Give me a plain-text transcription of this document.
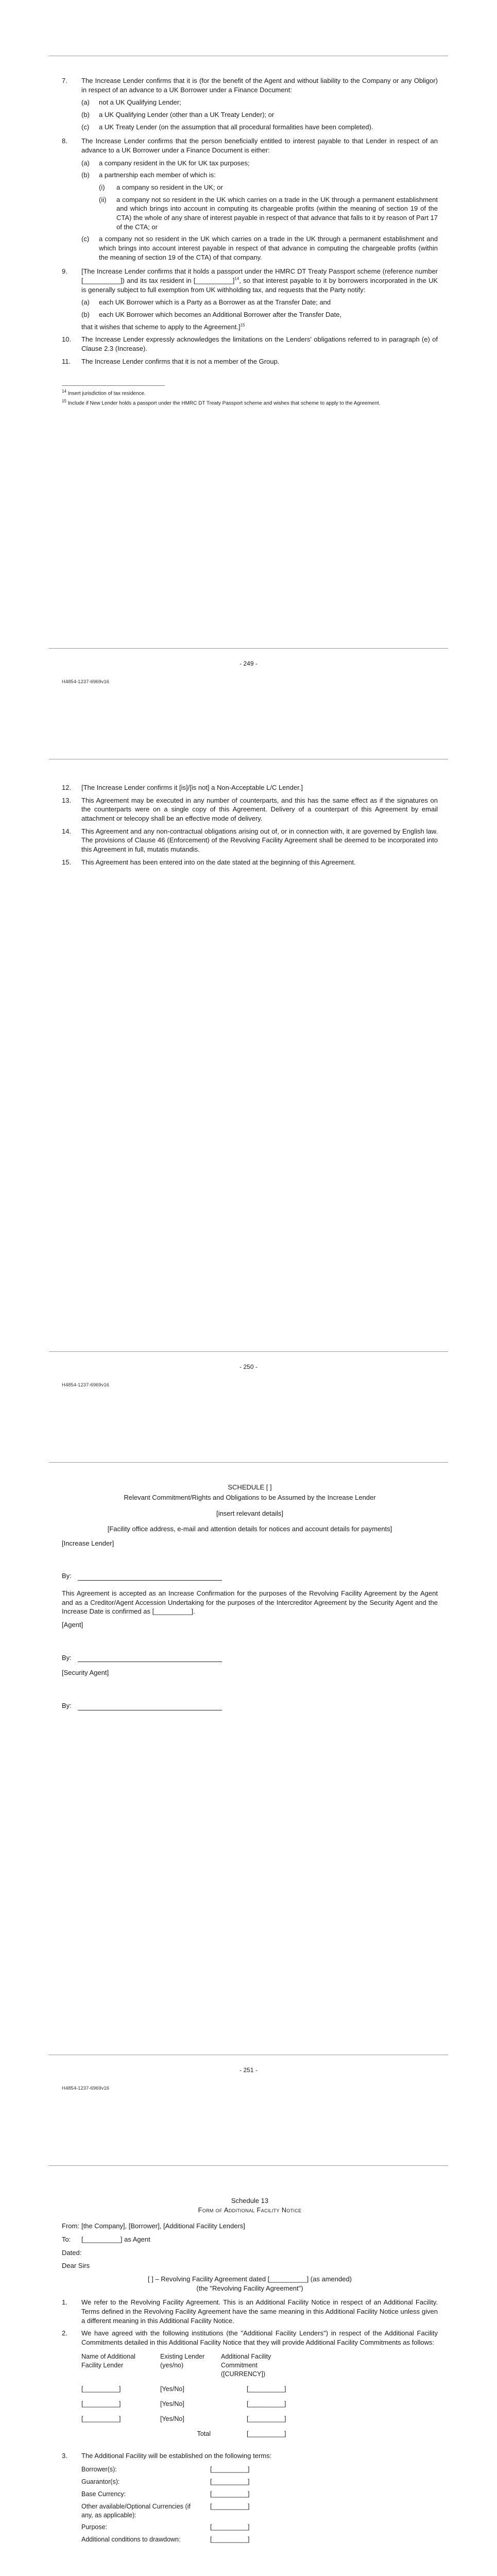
7. The Increase Lender confirms that it is (for the benefit of the Agent and without liability to the Company or any Obligor) in respect of an advance to a UK Borrower under a Finance Document:
(a) not a UK Qualifying Lender;
(b) a UK Qualifying Lender (other than a UK Treaty Lender); or
(c) a UK Treaty Lender (on the assumption that all procedural formalities have been completed).
8. The Increase Lender confirms that the person beneficially entitled to interest payable to that Lender in respect of an advance to a UK Borrower under a Finance Document is either:
(a) a company resident in the UK for UK tax purposes;
(b) a partnership each member of which is:
(i) a company so resident in the UK; or
(ii) a company not so resident in the UK which carries on a trade in the UK through a permanent establishment and which brings into account in computing its chargeable profits (within the meaning of section 19 of the CTA) the whole of any share of interest payable in respect of that advance that falls to it by reason of Part 17 of the CTA; or
(c) a company not so resident in the UK which carries on a trade in the UK through a permanent establishment and which brings into account interest payable in respect of that advance in computing the chargeable profits (within the meaning of section 19 of the CTA) of that company.
9. [The Increase Lender confirms that it holds a passport under the HMRC DT Treaty Passport scheme (reference number [__________]) and its tax resident in [__________]$^{14}$, so that interest payable to it by borrowers incorporated in the UK is generally subject to full exemption from UK withholding tax, and requests that the Party notify:
(a) each UK Borrower which is a Party as a Borrower as at the Transfer Date; and
(b) each UK Borrower which becomes an Additional Borrower after the Transfer Date,
that it wishes that scheme to apply to the Agreement.]$^{15}$
10. The Increase Lender expressly acknowledges the limitations on the Lenders' obligations referred to in paragraph (e) of Clause 2.3 (Increase).
11. The Increase Lender confirms that it is not a member of the Group.
$^{14}$ Insert jurisdiction of tax residence.
$^{15}$ Include if New Lender holds a passport under the HMRC DT Treaty Passport scheme and wishes that scheme to apply to the Agreement.
- 249 -
H4854-1237-6969v16
12. [The Increase Lender confirms it [is]/[is not] a Non-Acceptable L/C Lender.]
13. This Agreement may be executed in any number of counterparts, and this has the same effect as if the signatures on the counterparts were on a single copy of this Agreement. Delivery of a counterpart of this Agreement by email attachment or telecopy shall be an effective mode of delivery.
14. This Agreement and any non-contractual obligations arising out of, or in connection with, it are governed by English law. The provisions of Clause 46 (Enforcement) of the Revolving Facility Agreement shall be deemed to be incorporated into this Agreement in full, mutatis mutandis.
15. This Agreement has been entered into on the date stated at the beginning of this Agreement.
- 250 -
H4854-1237-6969v16
SCHEDULE [ ]
Relevant Commitment/Rights and Obligations to be Assumed by the Increase Lender
[insert relevant details]
[Facility office address, e-mail and attention details for notices and account details for payments]
[Increase Lender]
By:
This Agreement is accepted as an Increase Confirmation for the purposes of the Revolving Facility Agreement by the Agent and as a Creditor/Agent Accession Undertaking for the purposes of the Intercreditor Agreement by the Security Agent and the Increase Date is confirmed as [__________].
[Agent]
By:
[Security Agent]
By:
- 251 -
H4854-1237-6969v16
Schedule 13
Form of Additional Facility Notice
From: [the Company], [Borrower], [Additional Facility Lenders]
To: [__________] as Agent
Dated:
Dear Sirs
[ ] – Revolving Facility Agreement dated [__________] (as amended)
(the "Revolving Facility Agreement")
1. We refer to the Revolving Facility Agreement. This is an Additional Facility Notice in respect of an Additional Facility. Terms defined in the Revolving Facility Agreement have the same meaning in this Additional Facility Notice unless given a different meaning in this Additional Facility Notice.
2. We have agreed with the following institutions (the "Additional Facility Lenders") in respect of the Additional Facility Commitments detailed in this Additional Facility Notice that they will provide Additional Facility Commitments as follows:
Name of Additional Facility Lender	Existing Lender (yes/no)	Additional Facility Commitment ([CURRENCY])
[__________]	[Yes/No]	[__________]
[__________]	[Yes/No]	[__________]
[__________]	[Yes/No]	[__________]
	Total	[__________]
3. The Additional Facility will be established on the following terms:
Borrower(s):	[__________]
Guarantor(s):	[__________]
Base Currency:	[__________]
Other available/Optional Currencies (if any, as applicable):
[__________]
Purpose:	[__________]
Additional conditions to drawdown:	[__________]
